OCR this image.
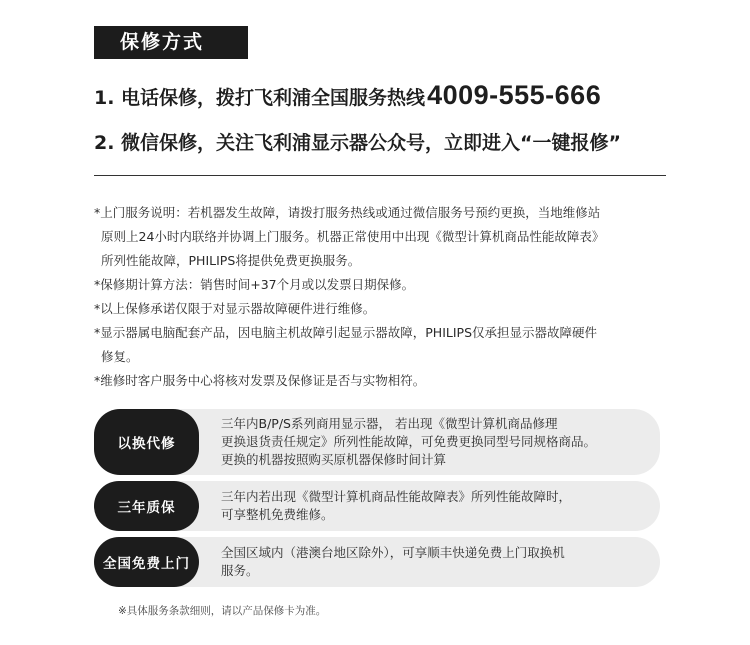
保修方式
1. 电话保修，拨打飞利浦全国服务热线4009-555-666
2. 微信保修，关注飞利浦显示器公众号，立即进入“一键报修”
*上门服务说明：若机器发生故障，请拨打服务热线或通过微信服务号预约更换，当地维修站
原则上24小时内联络并协调上门服务。机器正常使用中出现《微型计算机商品性能故障表》
所列性能故障，PHILIPS将提供免费更换服务。
*保修期计算方法：销售时间+37个月或以发票日期保修。
*以上保修承诺仅限于对显示器故障硬件进行维修。
*显示器属电脑配套产品，因电脑主机故障引起显示器故障，PHILIPS仅承担显示器故障硬件
修复。
*维修时客户服务中心将核对发票及保修证是否与实物相符。
以换代修
三年内B/P/S系列商用显示器， 若出现《微型计算机商品修理
更换退货责任规定》所列性能故障，可免费更换同型号同规格商品。
更换的机器按照购买原机器保修时间计算
三年质保
三年内若出现《微型计算机商品性能故障表》所列性能故障时，
可享整机免费维修。
全国免费上门
全国区域内（港澳台地区除外），可享顺丰快递免费上门取换机
服务。
※具体服务条款细则，请以产品保修卡为准。
